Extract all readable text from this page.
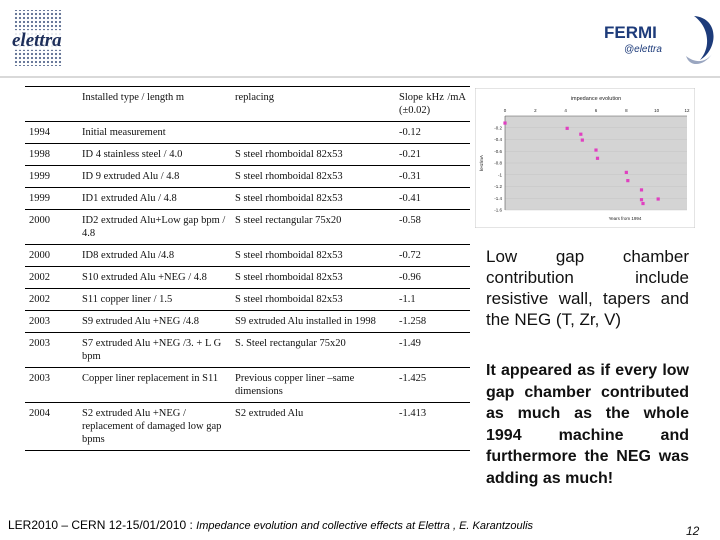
elettra	FERMI
@elettra
	Installed type / length m	replacing	Slope kHz /mA (±0.02)
1994	Initial measurement		-0.12
1998	ID 4 stainless steel / 4.0	S steel rhomboidal 82x53	-0.21
1999	ID 9 extruded Alu / 4.8	S steel rhomboidal 82x53	-0.31
1999	ID1 extruded Alu / 4.8	S steel rhomboidal 82x53	-0.41
2000	ID2 extruded Alu+Low gap bpm / 4.8	S steel rectangular 75x20	-0.58
2000	ID8 extruded Alu /4.8	S steel rhomboidal 82x53	-0.72
2002	S10 extruded Alu +NEG / 4.8	S steel rhomboidal 82x53	-0.96
2002	S11 copper liner / 1.5	S steel rhomboidal 82x53	-1.1
2003	S9 extruded Alu +NEG /4.8	S9 extruded Alu installed in 1998	-1.258
2003	S7 extruded Alu +NEG /3. + L G bpm	S. Steel rectangular 75x20	-1.49
2003	Copper liner replacement in S11	Previous copper liner –same dimensions	-1.425
2004	S2 extruded Alu +NEG / replacement of damaged low gap bpms	S2 extruded Alu	-1.413
impedance evolution
0	2	4	6	8	10	12
-0.2
-0.4
-0.6
-0.8
-1
-1.2
-1.4
-1.6
kHz/mA
Years from 1994

Low gap chamber contribution include resistive wall, tapers and the NEG (T, Zr, V)

It appeared as if every low gap chamber contributed as much as the whole 1994 machine and furthermore the NEG was adding as much!

LER2010 – CERN 12-15/01/2010 : Impedance evolution and collective effects at Elettra , E. Karantzoulis	12
